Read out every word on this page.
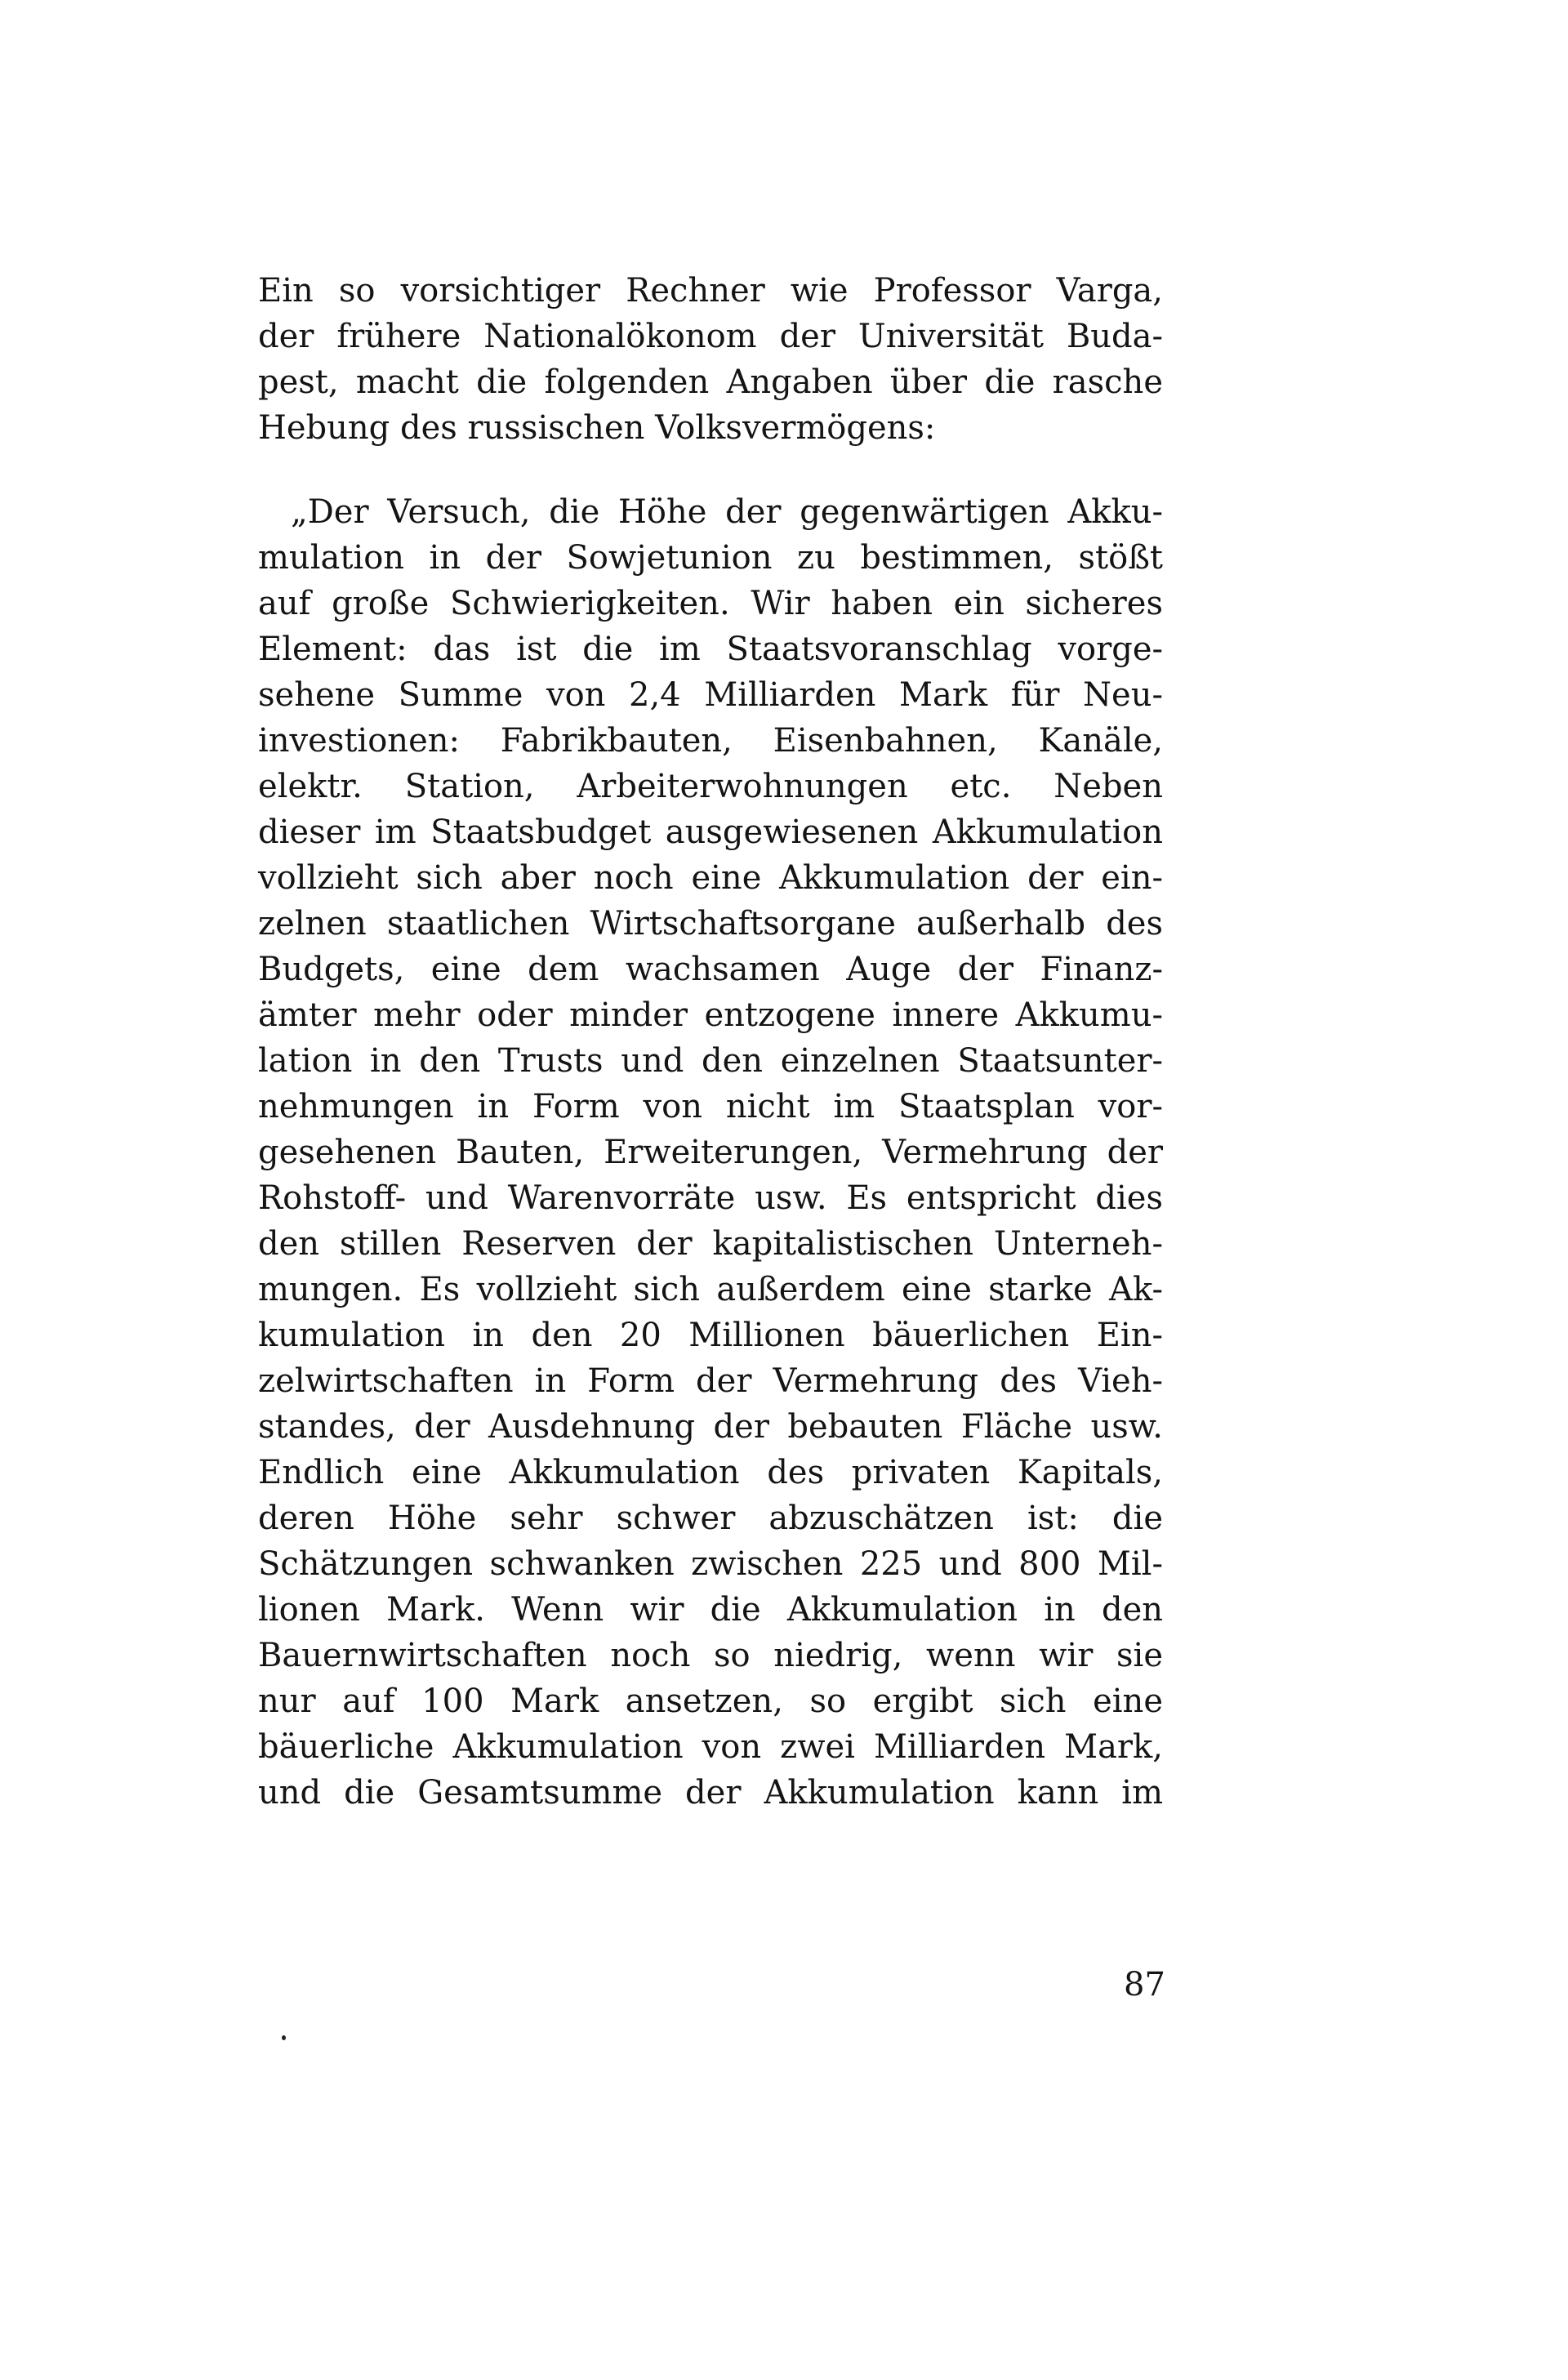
Ein so vorsichtiger Rechner wie Professor Varga,
der frühere Nationalökonom der Universität Buda-
pest, macht die folgenden Angaben über die rasche
Hebung des russischen Volksvermögens:
„Der Versuch, die Höhe der gegenwärtigen Akku-
mulation in der Sowjetunion zu bestimmen, stößt
auf große Schwierigkeiten. Wir haben ein sicheres
Element: das ist die im Staatsvoranschlag vorge-
sehene Summe von 2,4 Milliarden Mark für Neu-
investionen: Fabrikbauten, Eisenbahnen, Kanäle,
elektr. Station, Arbeiterwohnungen etc. Neben
dieser im Staatsbudget ausgewiesenen Akkumulation
vollzieht sich aber noch eine Akkumulation der ein-
zelnen staatlichen Wirtschaftsorgane außerhalb des
Budgets, eine dem wachsamen Auge der Finanz-
ämter mehr oder minder entzogene innere Akkumu-
lation in den Trusts und den einzelnen Staatsunter-
nehmungen in Form von nicht im Staatsplan vor-
gesehenen Bauten, Erweiterungen, Vermehrung der
Rohstoff- und Warenvorräte usw. Es entspricht dies
den stillen Reserven der kapitalistischen Unterneh-
mungen. Es vollzieht sich außerdem eine starke Ak-
kumulation in den 20 Millionen bäuerlichen Ein-
zelwirtschaften in Form der Vermehrung des Vieh-
standes, der Ausdehnung der bebauten Fläche usw.
Endlich eine Akkumulation des privaten Kapitals,
deren Höhe sehr schwer abzuschätzen ist: die
Schätzungen schwanken zwischen 225 und 800 Mil-
lionen Mark. Wenn wir die Akkumulation in den
Bauernwirtschaften noch so niedrig, wenn wir sie
nur auf 100 Mark ansetzen, so ergibt sich eine
bäuerliche Akkumulation von zwei Milliarden Mark,
und die Gesamtsumme der Akkumulation kann im
87
